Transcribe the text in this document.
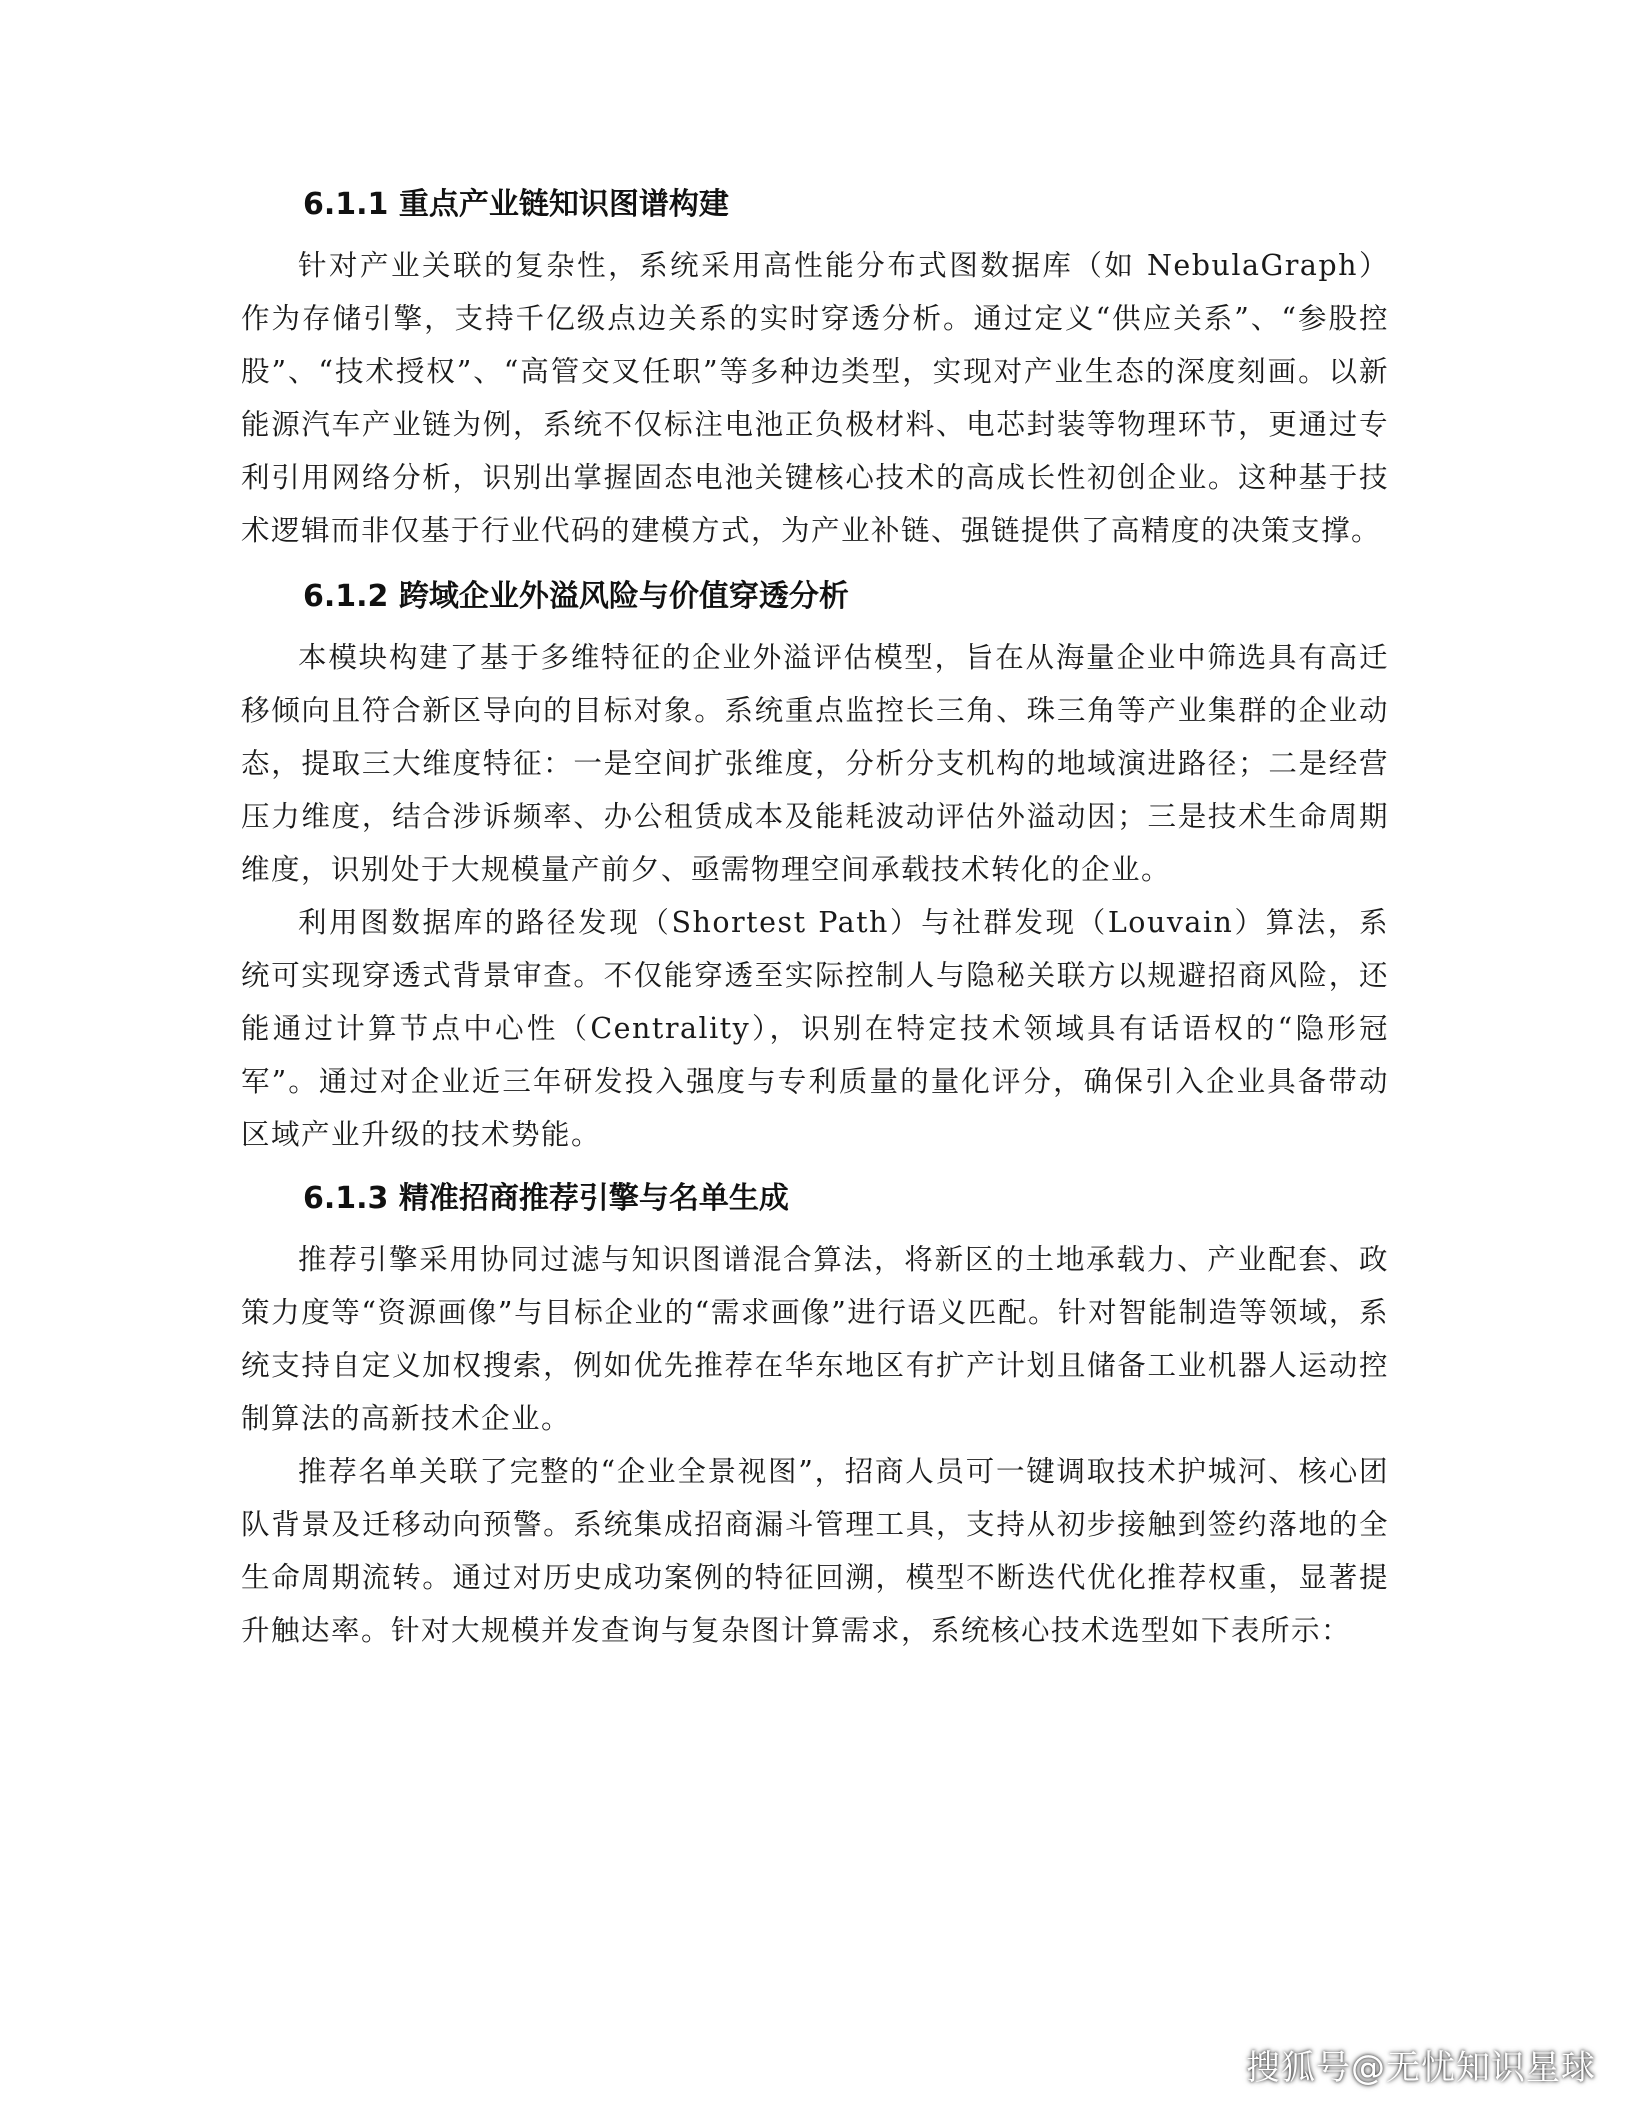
6.1.1 重点产业链知识图谱构建

针对产业关联的复杂性，系统采用高性能分布式图数据库（如 NebulaGraph）作为存储引擎，支持千亿级点边关系的实时穿透分析。通过定义“供应关系”、“参股控股”、“技术授权”、“高管交叉任职”等多种边类型，实现对产业生态的深度刻画。以新能源汽车产业链为例，系统不仅标注电池正负极材料、电芯封装等物理环节，更通过专利引用网络分析，识别出掌握固态电池关键核心技术的高成长性初创企业。这种基于技术逻辑而非仅基于行业代码的建模方式，为产业补链、强链提供了高精度的决策支撑。

6.1.2 跨域企业外溢风险与价值穿透分析

本模块构建了基于多维特征的企业外溢评估模型，旨在从海量企业中筛选具有高迁移倾向且符合新区导向的目标对象。系统重点监控长三角、珠三角等产业集群的企业动态，提取三大维度特征：一是空间扩张维度，分析分支机构的地域演进路径；二是经营压力维度，结合涉诉频率、办公租赁成本及能耗波动评估外溢动因；三是技术生命周期维度，识别处于大规模量产前夕、亟需物理空间承载技术转化的企业。

利用图数据库的路径发现（Shortest Path）与社群发现（Louvain）算法，系统可实现穿透式背景审查。不仅能穿透至实际控制人与隐秘关联方以规避招商风险，还能通过计算节点中心性（Centrality），识别在特定技术领域具有话语权的“隐形冠军”。通过对企业近三年研发投入强度与专利质量的量化评分，确保引入企业具备带动区域产业升级的技术势能。

6.1.3 精准招商推荐引擎与名单生成

推荐引擎采用协同过滤与知识图谱混合算法，将新区的土地承载力、产业配套、政策力度等“资源画像”与目标企业的“需求画像”进行语义匹配。针对智能制造等领域，系统支持自定义加权搜索，例如优先推荐在华东地区有扩产计划且储备工业机器人运动控制算法的高新技术企业。

推荐名单关联了完整的“企业全景视图”，招商人员可一键调取技术护城河、核心团队背景及迁移动向预警。系统集成招商漏斗管理工具，支持从初步接触到签约落地的全生命周期流转。通过对历史成功案例的特征回溯，模型不断迭代优化推荐权重，显著提升触达率。针对大规模并发查询与复杂图计算需求，系统核心技术选型如下表所示：

搜狐号@无忧知识星球
